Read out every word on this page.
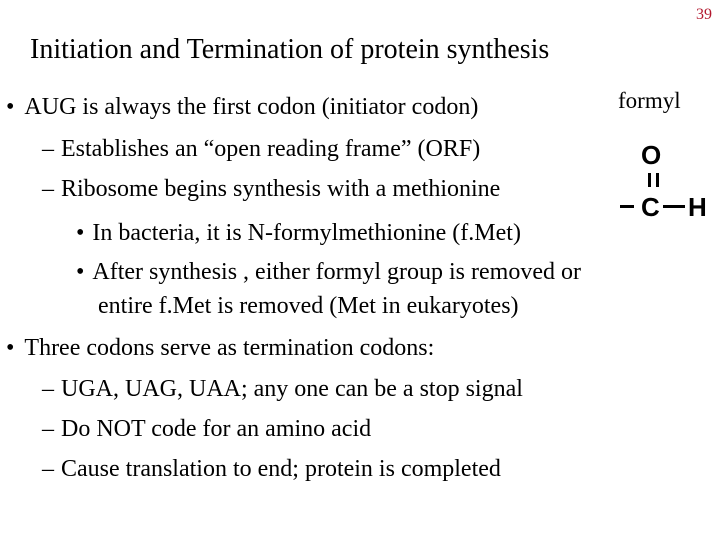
39
Initiation and Termination of protein synthesis
• AUG is always the first codon (initiator codon)
– Establishes an “open reading frame” (ORF)
– Ribosome begins synthesis with a methionine
• In bacteria, it is N-formylmethionine (f.Met)
• After synthesis , either formyl group is removed or
entire f.Met is removed (Met in eukaryotes)
• Three codons serve as termination codons:
– UGA, UAG, UAA; any one can be a stop signal
– Do NOT code for an amino acid
– Cause translation to end; protein is completed
formyl
O
C H
